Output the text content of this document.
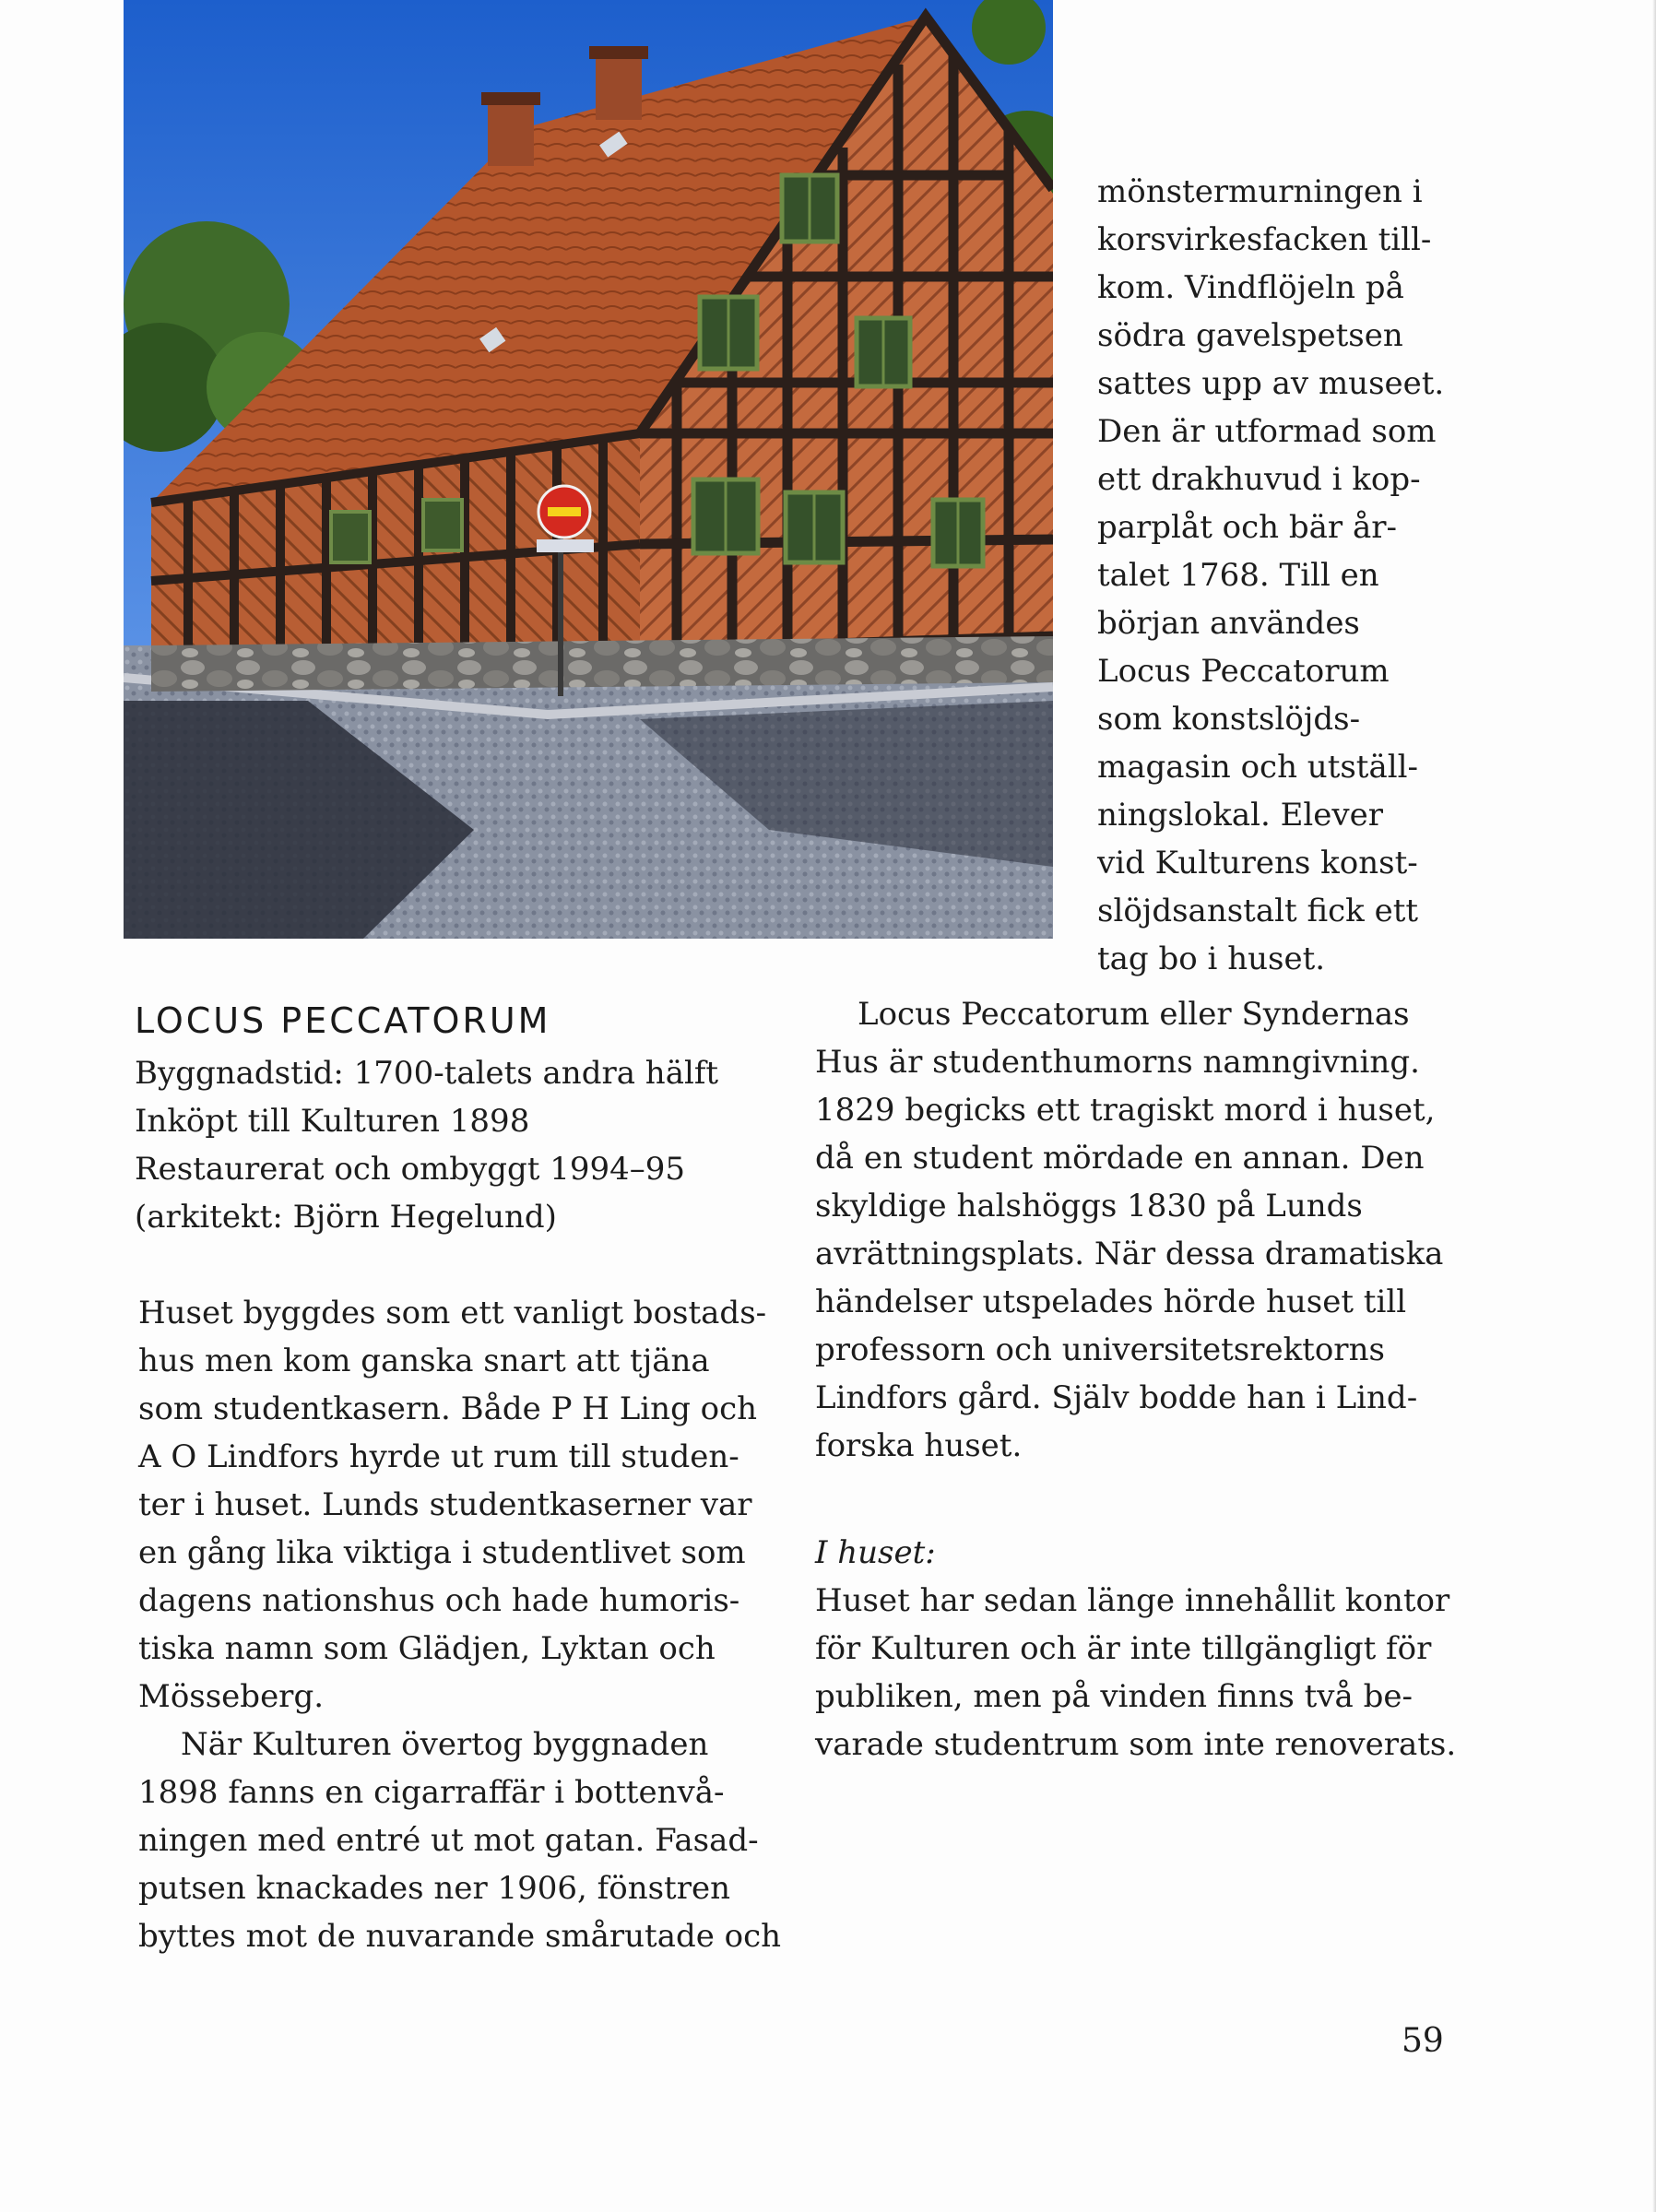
mönstermurningen i
korsvirkesfacken till-
kom. Vindflöjeln på
södra gavelspetsen
sattes upp av museet.
Den är utformad som
ett drakhuvud i kop-
parplåt och bär år-
talet 1768. Till en
början användes
Locus Peccatorum
som konstslöjds-
magasin och utställ-
ningslokal. Elever
vid Kulturens konst-
slöjdsanstalt fick ett
tag bo i huset.
Locus Peccatorum eller Syndernas
Hus är studenthumorns namngivning.
1829 begicks ett tragiskt mord i huset,
då en student mördade en annan. Den
skyldige halshöggs 1830 på Lunds
avrättningsplats. När dessa dramatiska
händelser utspelades hörde huset till
professorn och universitetsrektorns
Lindfors gård. Själv bodde han i Lind-
forska huset.
LOCUS PECCATORUM
Byggnadstid: 1700-talets andra hälft
Inköpt till Kulturen 1898
Restaurerat och ombyggt 1994–95
(arkitekt: Björn Hegelund)
Huset byggdes som ett vanligt bostads-
hus men kom ganska snart att tjäna
som studentkasern. Både P H Ling och
A O Lindfors hyrde ut rum till studen-
ter i huset. Lunds studentkaserner var
en gång lika viktiga i studentlivet som
dagens nationshus och hade humoris-
tiska namn som Glädjen, Lyktan och
Mösseberg.
När Kulturen övertog byggnaden
1898 fanns en cigarraffär i bottenvå-
ningen med entré ut mot gatan. Fasad-
putsen knackades ner 1906, fönstren
byttes mot de nuvarande smårutade och
I huset:
Huset har sedan länge innehållit kontor
för Kulturen och är inte tillgängligt för
publiken, men på vinden finns två be-
varade studentrum som inte renoverats.
59
